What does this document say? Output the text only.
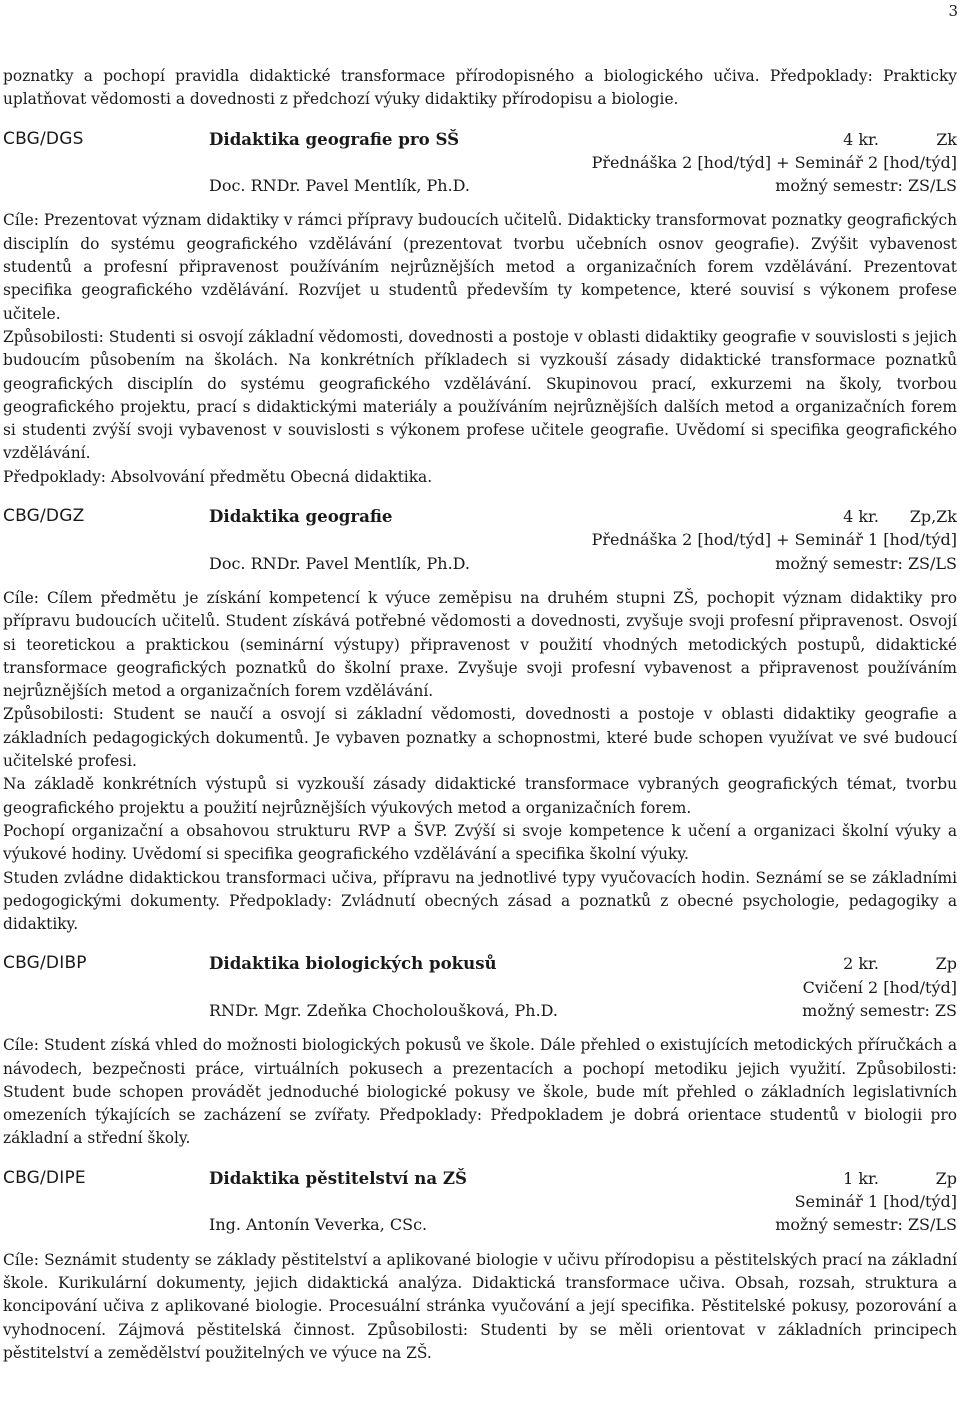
3

poznatky a pochopí pravidla didaktické transformace přírodopisného a biologického učiva. Předpoklady: Prakticky uplatňovat vědomosti a dovednosti z předchozí výuky didaktiky přírodopisu a biologie.

CBG/DGS	Didaktika geografie pro SŠ	4 kr.	Zk
Přednáška 2 [hod/týd] + Seminář 2 [hod/týd]
Doc. RNDr. Pavel Mentlík, Ph.D.	možný semestr: ZS/LS

Cíle: Prezentovat význam didaktiky v rámci přípravy budoucích učitelů. Didakticky transformovat poznatky geografických disciplín do systému geografického vzdělávání (prezentovat tvorbu učebních osnov geografie). Zvýšit vybavenost studentů a profesní připravenost používáním nejrůznějších metod a organizačních forem vzdělávání. Prezentovat specifika geografického vzdělávání. Rozvíjet u studentů především ty kompetence, které souvisí s výkonem profese učitele.

Způsobilosti: Studenti si osvojí základní vědomosti, dovednosti a postoje v oblasti didaktiky geografie v souvislosti s jejich budoucím působením na školách. Na konkrétních příkladech si vyzkouší zásady didaktické transformace poznatků geografických disciplín do systému geografického vzdělávání. Skupinovou prací, exkurzemi na školy, tvorbou geografického projektu, prací s didaktickými materiály a používáním nejrůznějších dalších metod a organizačních forem si studenti zvýší svoji vybavenost v souvislosti s výkonem profese učitele geografie. Uvědomí si specifika geografického vzdělávání.

Předpoklady: Absolvování předmětu Obecná didaktika.

CBG/DGZ	Didaktika geografie	4 kr. Zp,Zk
Přednáška 2 [hod/týd] + Seminář 1 [hod/týd]
Doc. RNDr. Pavel Mentlík, Ph.D.	možný semestr: ZS/LS

Cíle: Cílem předmětu je získání kompetencí k výuce zeměpisu na druhém stupni ZŠ, pochopit význam didaktiky pro přípravu budoucích učitelů. Student získává potřebné vědomosti a dovednosti, zvyšuje svoji profesní připravenost. Osvojí si teoretickou a praktickou (seminární výstupy) připravenost v použití vhodných metodických postupů, didaktické transformace geografických poznatků do školní praxe. Zvyšuje svoji profesní vybavenost a připravenost používáním nejrůznějších metod a organizačních forem vzdělávání.

Způsobilosti: Student se naučí a osvojí si základní vědomosti, dovednosti a postoje v oblasti didaktiky geografie a základních pedagogických dokumentů. Je vybaven poznatky a schopnostmi, které bude schopen využívat ve své budoucí učitelské profesi.

Na základě konkrétních výstupů si vyzkouší zásady didaktické transformace vybraných geografických témat, tvorbu geografického projektu a použití nejrůznějších výukových metod a organizačních forem.

Pochopí organizační a obsahovou strukturu RVP a ŠVP. Zvýší si svoje kompetence k učení a organizaci školní výuky a výukové hodiny. Uvědomí si specifika geografického vzdělávání a specifika školní výuky.

Studen zvládne didaktickou transformaci učiva, přípravu na jednotlivé typy vyučovacích hodin. Seznámí se se základními pedogogickými dokumenty. Předpoklady: Zvládnutí obecných zásad a poznatků z obecné psychologie, pedagogiky a didaktiky.

CBG/DIBP	Didaktika biologických pokusů	2 kr.	Zp
Cvičení 2 [hod/týd]
RNDr. Mgr. Zdeňka Chocholoušková, Ph.D.	možný semestr: ZS

Cíle: Student získá vhled do možnosti biologických pokusů ve škole. Dále přehled o existujících metodických příručkách a návodech, bezpečnosti práce, virtuálních pokusech a prezentacích a pochopí metodiku jejich využití. Způsobilosti: Student bude schopen provádět jednoduché biologické pokusy ve škole, bude mít přehled o základních legislativních omezeních týkajících se zacházení se zvířaty. Předpoklady: Předpokladem je dobrá orientace studentů v biologii pro základní a střední školy.

CBG/DIPE	Didaktika pěstitelství na ZŠ	1 kr.	Zp
Seminář 1 [hod/týd]
Ing. Antonín Veverka, CSc.	možný semestr: ZS/LS

Cíle: Seznámit studenty se základy pěstitelství a aplikované biologie v učivu přírodopisu a pěstitelských prací na základní škole. Kurikulární dokumenty, jejich didaktická analýza. Didaktická transformace učiva. Obsah, rozsah, struktura a koncipování učiva z aplikované biologie. Procesuální stránka vyučování a její specifika. Pěstitelské pokusy, pozorování a vyhodnocení. Zájmová pěstitelská činnost. Způsobilosti: Studenti by se měli orientovat v základních principech pěstitelství a zemědělství použitelných ve výuce na ZŠ.
